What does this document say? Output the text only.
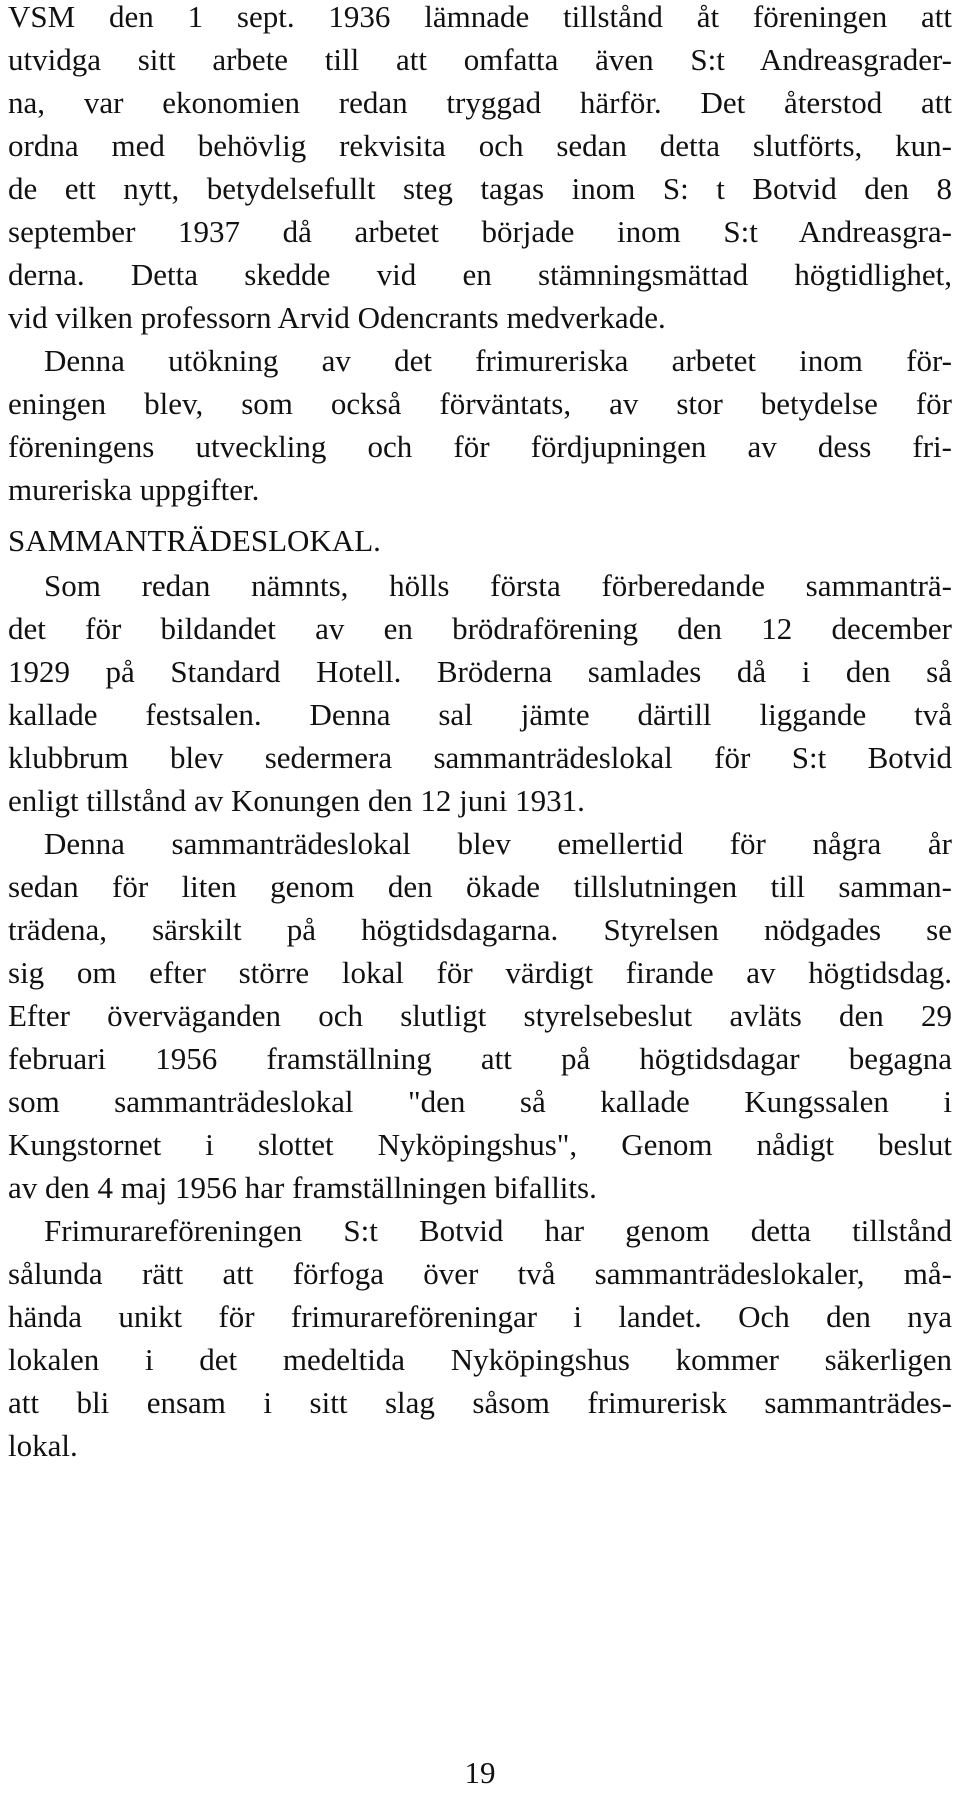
VSM den 1 sept. 1936 lämnade tillstånd åt föreningen att
utvidga sitt arbete till att omfatta även S:t Andreasgrader-
na, var ekonomien redan tryggad härför. Det återstod att
ordna med behövlig rekvisita och sedan detta slutförts, kun-
de ett nytt, betydelsefullt steg tagas inom S: t Botvid den 8
september 1937 då arbetet började inom S:t Andreasgra-
derna. Detta skedde vid en stämningsmättad högtidlighet,
vid vilken professorn Arvid Odencrants medverkade.
Denna utökning av det frimureriska arbetet inom för-
eningen blev, som också förväntats, av stor betydelse för
föreningens utveckling och för fördjupningen av dess fri-
mureriska uppgifter.
SAMMANTRÄDESLOKAL.
Som redan nämnts, hölls första förberedande sammanträ-
det för bildandet av en brödraförening den 12 december
1929 på Standard Hotell. Bröderna samlades då i den så
kallade festsalen. Denna sal jämte därtill liggande två
klubbrum blev sedermera sammanträdeslokal för S:t Botvid
enligt tillstånd av Konungen den 12 juni 1931.
Denna sammanträdeslokal blev emellertid för några år
sedan för liten genom den ökade tillslutningen till samman-
trädena, särskilt på högtidsdagarna. Styrelsen nödgades se
sig om efter större lokal för värdigt firande av högtidsdag.
Efter överväganden och slutligt styrelsebeslut avläts den 29
februari 1956 framställning att på högtidsdagar begagna
som sammanträdeslokal "den så kallade Kungssalen i
Kungstornet i slottet Nyköpingshus", Genom nådigt beslut
av den 4 maj 1956 har framställningen bifallits.
Frimurareföreningen S:t Botvid har genom detta tillstånd
sålunda rätt att förfoga över två sammanträdeslokaler, må-
hända unikt för frimurareföreningar i landet. Och den nya
lokalen i det medeltida Nyköpingshus kommer säkerligen
att bli ensam i sitt slag såsom frimurerisk sammanträdes-
lokal.
19
